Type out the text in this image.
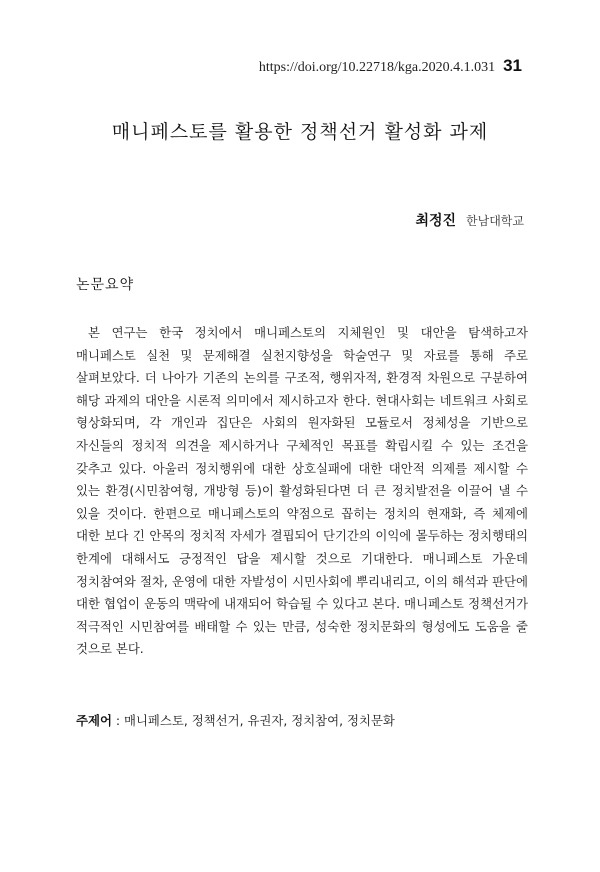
https://doi.org/10.22718/kga.2020.4.1.031 31
매니페스토를 활용한 정책선거 활성화 과제
최정진 한남대학교
논문요약

본 연구는 한국 정치에서 매니페스토의 지체원인 및 대안을 탐색하고자 매니페스토 실천 및 문제해결 실천지향성을 학술연구 및 자료를 통해 주로 살펴보았다. 더 나아가 기존의 논의를 구조적, 행위자적, 환경적 차원으로 구분하여 해당 과제의 대안을 시론적 의미에서 제시하고자 한다. 현대사회는 네트워크 사회로 형상화되며, 각 개인과 집단은 사회의 원자화된 모듈로서 정체성을 기반으로 자신들의 정치적 의견을 제시하거나 구체적인 목표를 확립시킬 수 있는 조건을 갖추고 있다. 아울러 정치행위에 대한 상호실패에 대한 대안적 의제를 제시할 수 있는 환경(시민참여형, 개방형 등)이 활성화된다면 더 큰 정치발전을 이끌어 낼 수 있을 것이다. 한편으로 매니페스토의 약점으로 꼽히는 정치의 현재화, 즉 체제에 대한 보다 긴 안목의 정치적 자세가 결핍되어 단기간의 이익에 몰두하는 정치행태의 한계에 대해서도 긍정적인 답을 제시할 것으로 기대한다. 매니페스토 가운데 정치참여와 절차, 운영에 대한 자발성이 시민사회에 뿌리내리고, 이의 해석과 판단에 대한 협업이 운동의 맥락에 내재되어 학습될 수 있다고 본다. 매니페스토 정책선거가 적극적인 시민참여를 배태할 수 있는 만큼, 성숙한 정치문화의 형성에도 도움을 줄 것으로 본다.

주제어 : 매니페스토, 정책선거, 유권자, 정치참여, 정치문화
